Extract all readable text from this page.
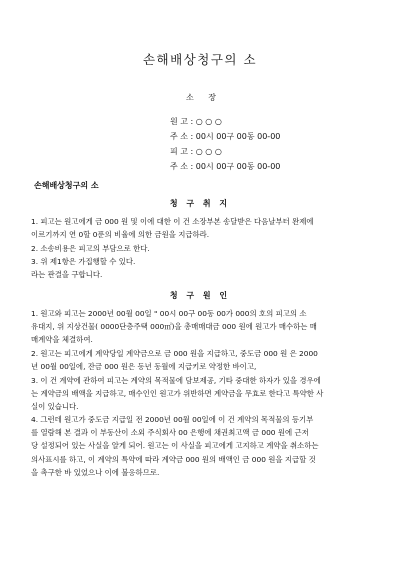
손해배상청구의 소
소 장
원 고 : ○ ○ ○
주 소 : 00시 00구 00동 00-00
피 고 : ○ ○ ○
주 소 : 00시 00구 00동 00-00
손해배상청구의 소
청 구 취 지

1. 피고는 원고에게 금 000 원 및 이에 대한 이 건 소장부본 송달받은 다음날부터 완제에
이르기까지 연 0할 0푼의 비율에 의한 금원을 지급하라.

2. 소송비용은 피고의 부담으로 한다.

3. 위 제1항은 가집행할 수 있다.
라는 판결을 구합니다.

청 구 원 인

1. 원고와 피고는 2000년 00월 00일 " 00시 00구 00동 00가 000의 호의 피고의 소
유대지, 위 지상건물( 0000단층주택 000㎡)을 총매매대금 000 원에 원고가 매수하는 매
매계약을 체결하여.

2. 원고는 피고에게 계약당일 계약금으로 금 000 원을 지급하고, 중도금 000 원 은 2000
년 00월 00일에, 잔금 000 원은 동년 동월에 지급키로 약정한 바이고,

3. 이 건 계약에 관하여 피고는 계약의 목적물에 담보제공, 기타 중대한 하자가 있을 경우에
는 계약금의 배액을 지급하고, 매수인인 원고가 위반하면 계약금을 무효로 한다고 특약한 사
실이 있습니다.

4. 그런데 원고가 중도금 지급일 전 2000년 00월 00일에 이 건 계약의 목적물의 등기부
를 열람해 본 결과 이 부동산이 소외 주식회사 00 은행에 채권최고액 금 000 원에 근저
당 설정되어 있는 사실을 알게 되어. 원고는 이 사실을 피고에게 고지하고 계약을 취소하는
의사표시를 하고, 이 계약의 특약에 따라 계약금 000 원의 배액인 금 000 원을 지급할 것
을 촉구한 바 있었으나 이에 불응하므로.
